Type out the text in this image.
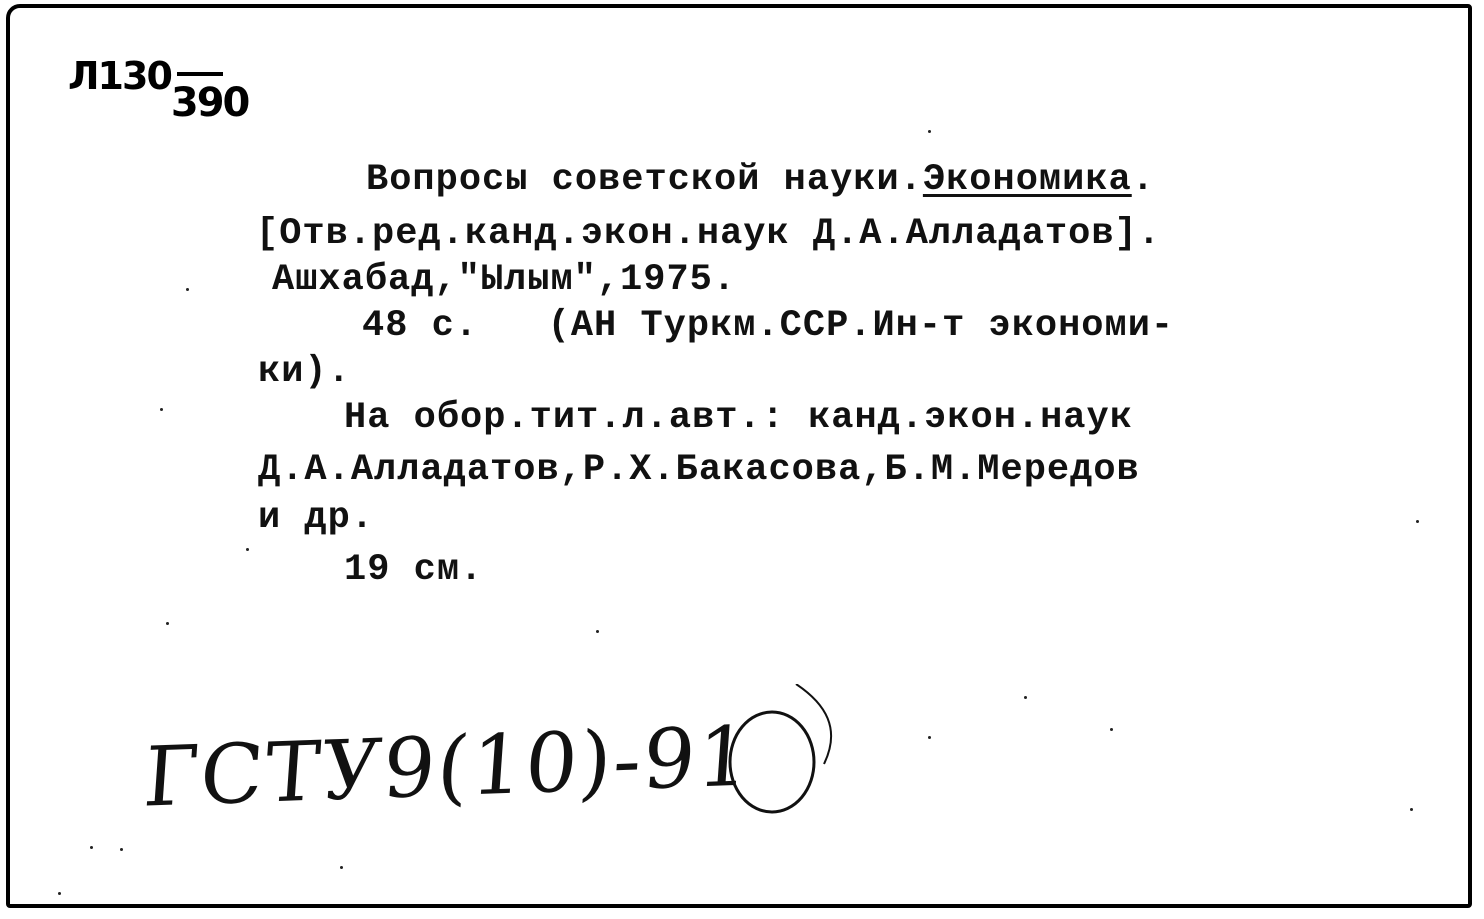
Л130
390
Вопросы советской науки.Экономика.
[Отв.ред.канд.экон.наук Д.А.Алладатов].
Ашхабад,"Ылым",1975.
48 с.   (АН Туркм.ССР.Ин-т экономи-
ки).
На обор.тит.л.авт.: канд.экон.наук
Д.А.Алладатов,Р.Х.Бакасова,Б.М.Мередов
и др.
19 см.
ГСТУ9(10)-91
